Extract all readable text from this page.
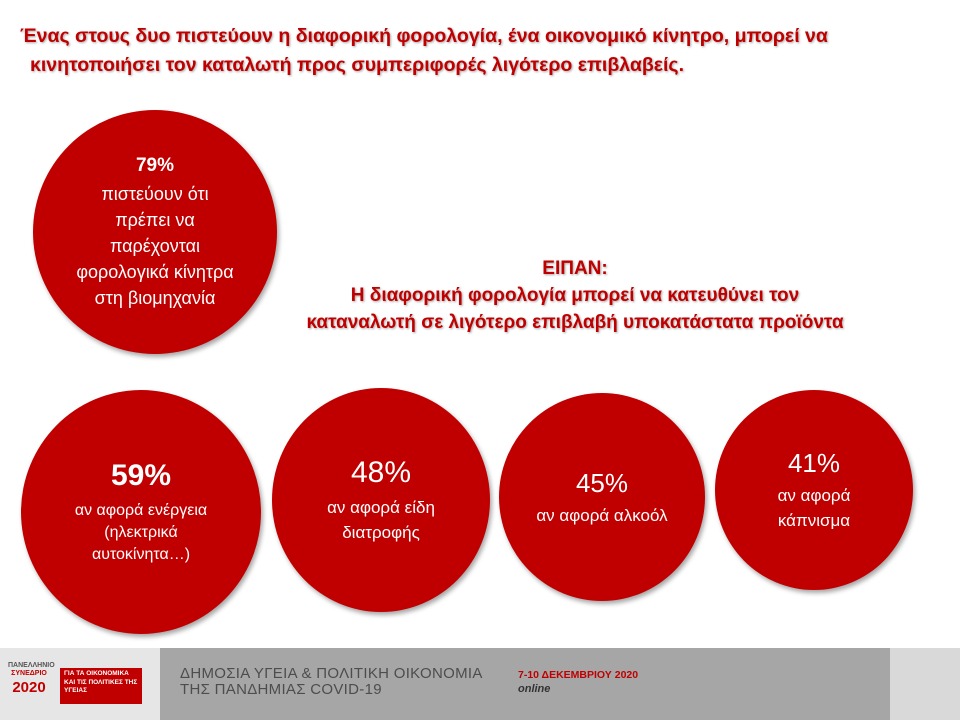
Ένας στους δυο πιστεύουν η διαφορική φορολογία, ένα οικονομικό κίνητρο, μπορεί να
κινητοποιήσει τον καταλωτή προς συμπεριφορές λιγότερο επιβλαβείς.
79%
πιστεύουν ότι πρέπει να παρέχονται φορολογικά κίνητρα στη βιομηχανία
ΕΙΠΑΝ:
Η διαφορική φορολογία μπορεί να κατευθύνει τον
καταναλωτή σε λιγότερο επιβλαβή υποκατάστατα προϊόντα
59%
αν αφορά ενέργεια (ηλεκτρικά αυτοκίνητα…)
48%
αν αφορά είδη διατροφής
45%
αν αφορά αλκοόλ
41%
αν αφορά κάπνισμα
ΠΑΝΕΛΛΗΝΙΟ
ΣΥΝΕΔΡΙΟ
2020
ΓΙΑ ΤΑ ΟΙΚΟΝΟΜΙΚΑ ΚΑΙ ΤΙΣ ΠΟΛΙΤΙΚΕΣ ΤΗΣ ΥΓΕΙΑΣ
ΔΗΜΟΣΙΑ ΥΓΕΙΑ & ΠΟΛΙΤΙΚΗ ΟΙΚΟΝΟΜΙΑ
ΤΗΣ ΠΑΝΔΗΜΙΑΣ COVID-19
7-10 ΔΕΚΕΜΒΡΙΟΥ 2020
online
